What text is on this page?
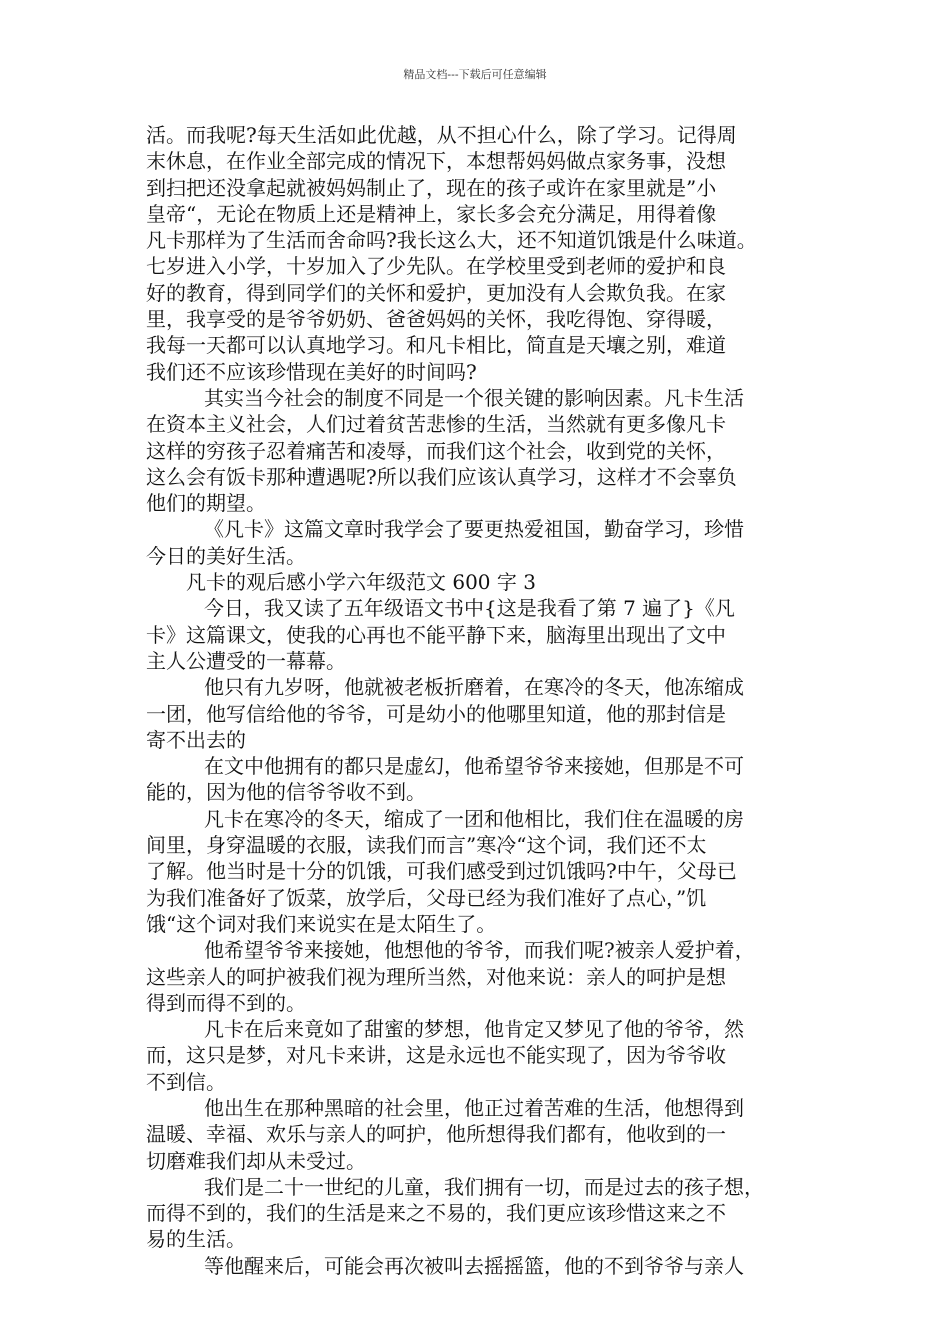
精品文档---下载后可任意编辑
活。而我呢?每天生活如此优越，从不担心什么，除了学习。记得周
末休息，在作业全部完成的情况下，本想帮妈妈做点家务事，没想
到扫把还没拿起就被妈妈制止了，现在的孩子或许在家里就是”小
皇帝“，无论在物质上还是精神上，家长多会充分满足，用得着像
凡卡那样为了生活而舍命吗?我长这么大，还不知道饥饿是什么味道。
七岁进入小学，十岁加入了少先队。在学校里受到老师的爱护和良
好的教育，得到同学们的关怀和爱护，更加没有人会欺负我。在家
里，我享受的是爷爷奶奶、爸爸妈妈的关怀，我吃得饱、穿得暖，
我每一天都可以认真地学习。和凡卡相比，简直是天壤之别，难道
我们还不应该珍惜现在美好的时间吗?
其实当今社会的制度不同是一个很关键的影响因素。凡卡生活
在资本主义社会，人们过着贫苦悲惨的生活，当然就有更多像凡卡
这样的穷孩子忍着痛苦和凌辱，而我们这个社会，收到党的关怀，
这么会有饭卡那种遭遇呢?所以我们应该认真学习，这样才不会辜负
他们的期望。
《凡卡》这篇文章时我学会了要更热爱祖国，勤奋学习，珍惜
今日的美好生活。
凡卡的观后感小学六年级范文 600 字 3
今日，我又读了五年级语文书中{这是我看了第 7 遍了}《凡
卡》这篇课文，使我的心再也不能平静下来，脑海里出现出了文中
主人公遭受的一幕幕。
他只有九岁呀，他就被老板折磨着，在寒冷的冬天，他冻缩成
一团，他写信给他的爷爷，可是幼小的他哪里知道，他的那封信是
寄不出去的
在文中他拥有的都只是虚幻，他希望爷爷来接她，但那是不可
能的，因为他的信爷爷收不到。
凡卡在寒冷的冬天，缩成了一团和他相比，我们住在温暖的房
间里，身穿温暖的衣服，读我们而言”寒冷“这个词，我们还不太
了解。他当时是十分的饥饿，可我们感受到过饥饿吗?中午，父母已
为我们准备好了饭菜，放学后，父母已经为我们准好了点心，”饥
饿“这个词对我们来说实在是太陌生了。
他希望爷爷来接她，他想他的爷爷，而我们呢?被亲人爱护着，
这些亲人的呵护被我们视为理所当然，对他来说：亲人的呵护是想
得到而得不到的。
凡卡在后来竟如了甜蜜的梦想，他肯定又梦见了他的爷爷，然
而，这只是梦，对凡卡来讲，这是永远也不能实现了，因为爷爷收
不到信。
他出生在那种黑暗的社会里，他正过着苦难的生活，他想得到
温暖、幸福、欢乐与亲人的呵护，他所想得我们都有，他收到的一
切磨难我们却从未受过。
我们是二十一世纪的儿童，我们拥有一切，而是过去的孩子想，
而得不到的，我们的生活是来之不易的，我们更应该珍惜这来之不
易的生活。
等他醒来后，可能会再次被叫去摇摇篮，他的不到爷爷与亲人
